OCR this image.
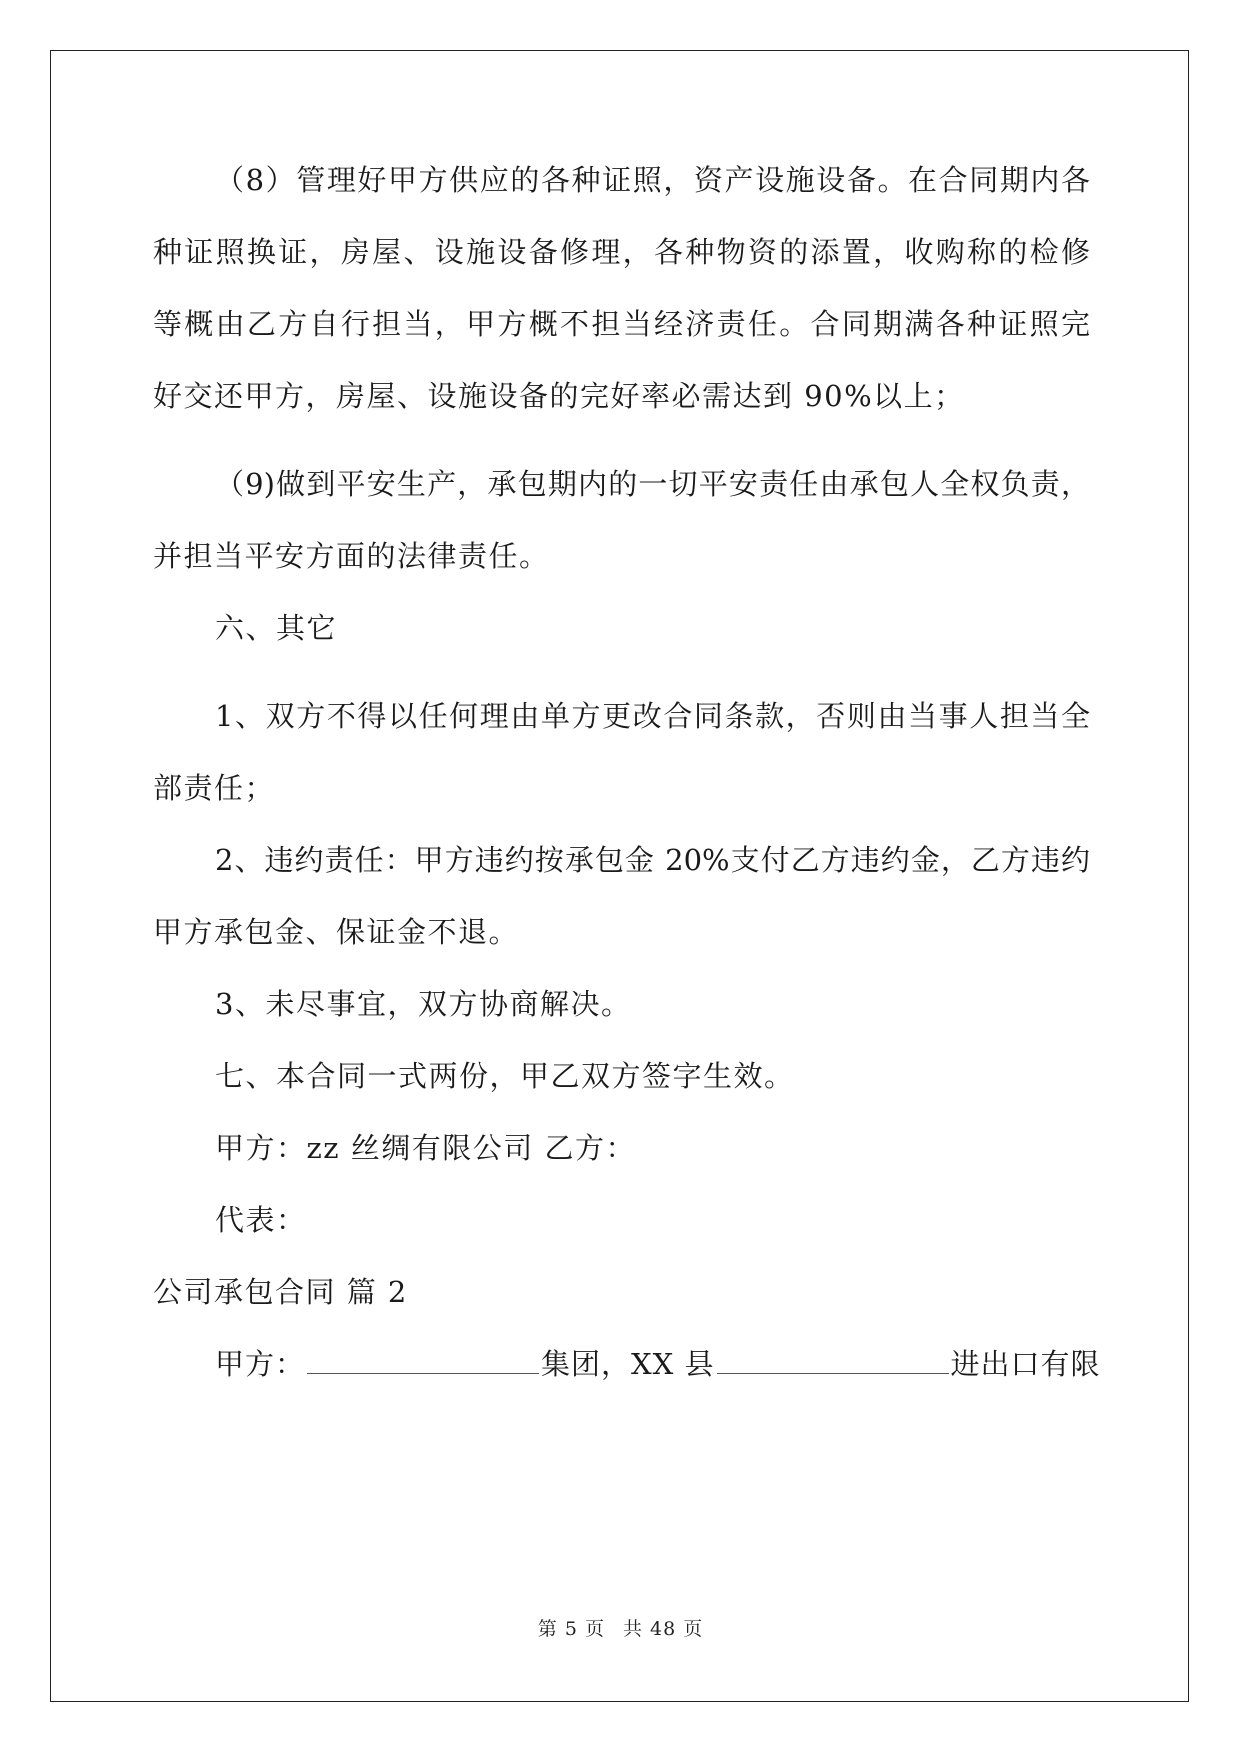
（8）管理好甲方供应的各种证照，资产设施设备。在合同期内各
种证照换证，房屋、设施设备修理，各种物资的添置，收购称的检修
等概由乙方自行担当，甲方概不担当经济责任。合同期满各种证照完
好交还甲方，房屋、设施设备的完好率必需达到 90%以上；
（9)做到平安生产，承包期内的一切平安责任由承包人全权负责，
并担当平安方面的法律责任。
六、其它
1、双方不得以任何理由单方更改合同条款，否则由当事人担当全
部责任；
2、违约责任：甲方违约按承包金 20%支付乙方违约金，乙方违约
甲方承包金、保证金不退。
3、未尽事宜，双方协商解决。
七、本合同一式两份，甲乙双方签字生效。
甲方：zz 丝绸有限公司 乙方：
代表：
公司承包合同 篇 2
甲方：	集团，XX 县	进出口有限
第 5 页 共 48 页
